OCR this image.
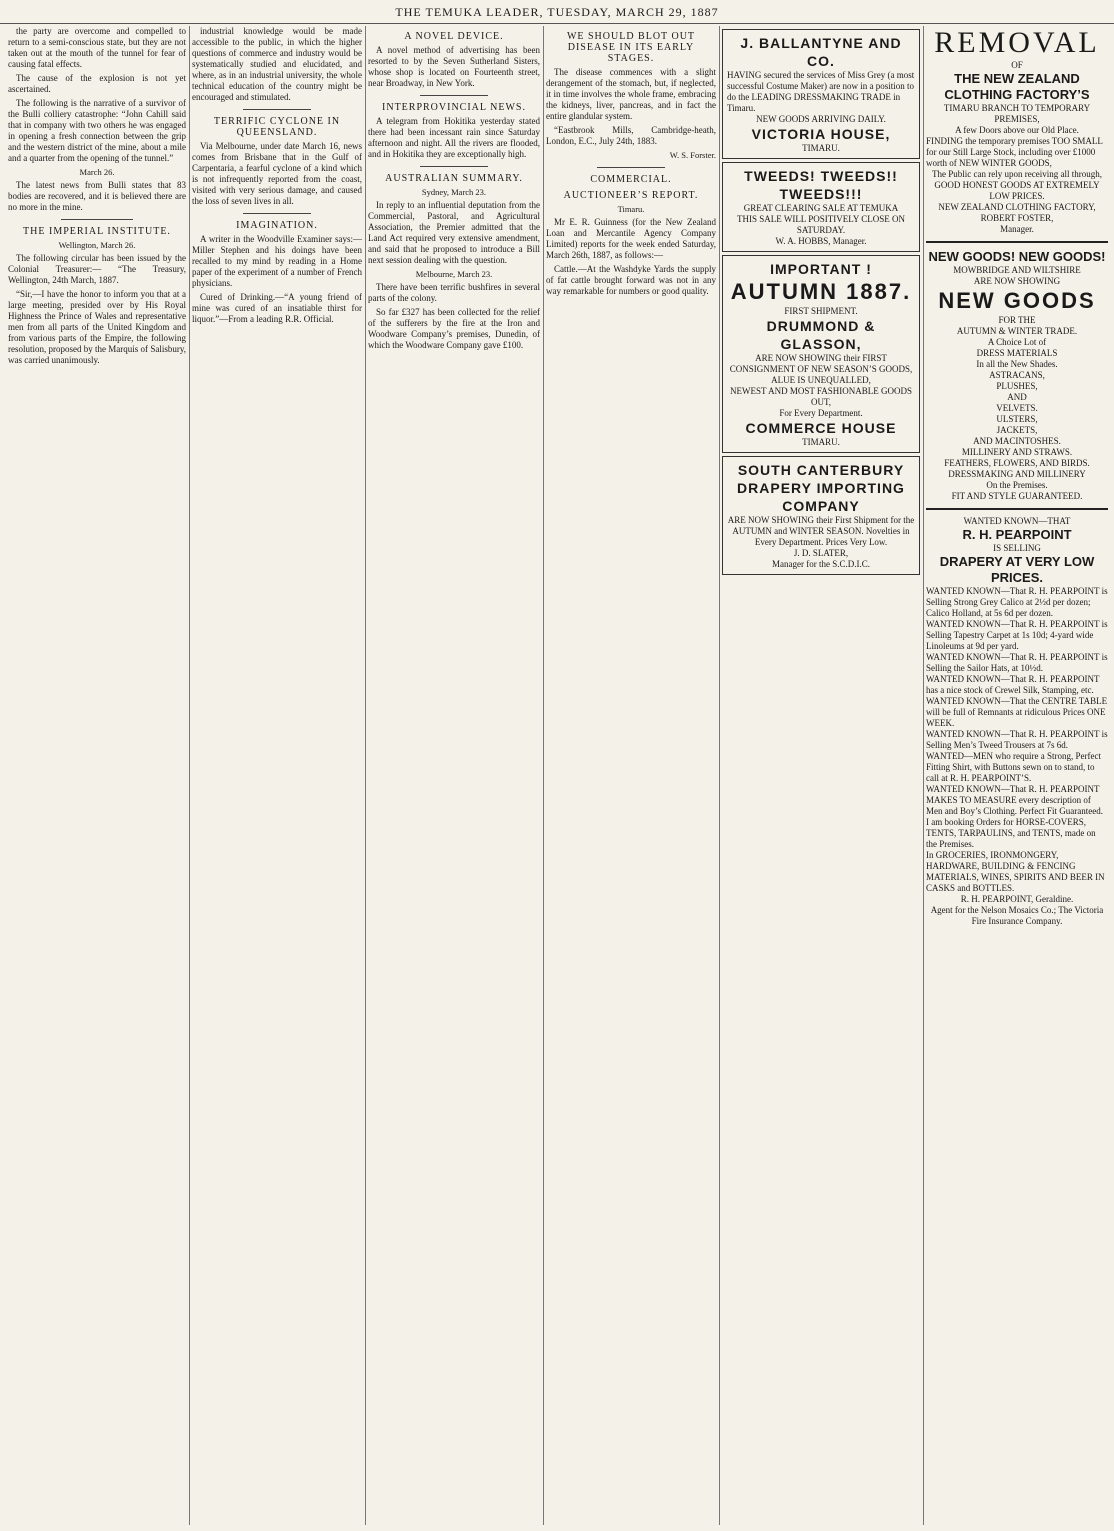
THE TEMUKA LEADER, TUESDAY, MARCH 29, 1887

the party are overcome and compelled to return to a semi-conscious state, but they are not taken out at the mouth of the tunnel for fear of causing fatal effects.

The cause of the explosion is not yet ascertained.

The following is the narrative of a survivor of the Bulli colliery catastrophe: “John Cahill said that in company with two others he was engaged in opening a fresh connection between the grip and the western district of the mine, about a mile and a quarter from the opening of the tunnel.”

March 26.

The latest news from Bulli states that 83 bodies are recovered, and it is believed there are no more in the mine.

THE IMPERIAL INSTITUTE.
Wellington, March 26.

The following circular has been issued by the Colonial Treasurer:— “The Treasury, Wellington, 24th March, 1887.

“Sir,—I have the honor to inform you that at a large meeting, presided over by His Royal Highness the Prince of Wales and representative men from all parts of the United Kingdom and from various parts of the Empire, the following resolution, proposed by the Marquis of Salisbury, was carried unanimously.

industrial knowledge would be made accessible to the public, in which the higher questions of commerce and industry would be systematically studied and elucidated, and where, as in an industrial university, the whole technical education of the country might be encouraged and stimulated.

TERRIFIC CYCLONE IN QUEENSLAND.

Via Melbourne, under date March 16, news comes from Brisbane that in the Gulf of Carpentaria, a fearful cyclone of a kind which is not infrequently reported from the coast, visited with very serious damage, and caused the loss of seven lives in all.

IMAGINATION.

A writer in the Woodville Examiner says:—Miller Stephen and his doings have been recalled to my mind by reading in a Home paper of the experiment of a number of French physicians.

Cured of Drinking.—“A young friend of mine was cured of an insatiable thirst for liquor.”—From a leading R.R. Official.

A NOVEL DEVICE.

A novel method of advertising has been resorted to by the Seven Sutherland Sisters, whose shop is located on Fourteenth street, near Broadway, in New York.

INTERPROVINCIAL NEWS.

A telegram from Hokitika yesterday stated there had been incessant rain since Saturday afternoon and night. All the rivers are flooded, and in Hokitika they are exceptionally high.

AUSTRALIAN SUMMARY.
Sydney, March 23.

In reply to an influential deputation from the Commercial, Pastoral, and Agricultural Association, the Premier admitted that the Land Act required very extensive amendment, and said that he proposed to introduce a Bill next session dealing with the question.

Melbourne, March 23.

There have been terrific bushfires in several parts of the colony.

So far £327 has been collected for the relief of the sufferers by the fire at the Iron and Woodware Company’s premises, Dunedin, of which the Woodware Company gave £100.

WE SHOULD BLOT OUT DISEASE IN ITS EARLY STAGES.

The disease commences with a slight derangement of the stomach, but, if neglected, it in time involves the whole frame, embracing the kidneys, liver, pancreas, and in fact the entire glandular system.

“Eastbrook Mills, Cambridge-heath, London, E.C., July 24th, 1883.

W. S. Forster.
COMMERCIAL.
AUCTIONEER’S REPORT.
Timaru.

Mr E. R. Guinness (for the New Zealand Loan and Mercantile Agency Company Limited) reports for the week ended Saturday, March 26th, 1887, as follows:—

Cattle.—At the Washdyke Yards the supply of fat cattle brought forward was not in any way remarkable for numbers or good quality.

J. BALLANTYNE AND CO.
HAVING secured the services of Miss Grey (a most successful Costume Maker) are now in a position to do the LEADING DRESSMAKING TRADE in Timaru.
NEW GOODS ARRIVING DAILY.
VICTORIA HOUSE,
TIMARU.
TWEEDS! TWEEDS!! TWEEDS!!!
GREAT CLEARING SALE AT TEMUKA
THIS SALE WILL POSITIVELY CLOSE ON SATURDAY.
W. A. HOBBS, Manager.
IMPORTANT !
AUTUMN 1887.
FIRST SHIPMENT.
DRUMMOND & GLASSON,
ARE NOW SHOWING their FIRST CONSIGNMENT OF NEW SEASON’S GOODS,
ALUE IS UNEQUALLED,
NEWEST AND MOST FASHIONABLE GOODS OUT,
For Every Department.
COMMERCE HOUSE
TIMARU.
SOUTH CANTERBURY DRAPERY IMPORTING COMPANY
ARE NOW SHOWING their First Shipment for the AUTUMN and WINTER SEASON. Novelties in Every Department. Prices Very Low.
J. D. SLATER,
Manager for the S.C.D.I.C.
REMOVAL
OF
THE NEW ZEALAND CLOTHING FACTORY’S
TIMARU BRANCH TO TEMPORARY PREMISES,
A few Doors above our Old Place.
FINDING the temporary premises TOO SMALL for our Still Large Stock, including over £1000 worth of NEW WINTER GOODS,
The Public can rely upon receiving all through, GOOD HONEST GOODS AT EXTREMELY LOW PRICES.
NEW ZEALAND CLOTHING FACTORY,
ROBERT FOSTER,
Manager.
NEW GOODS! NEW GOODS!
MOWBRIDGE AND WILTSHIRE
ARE NOW SHOWING
NEW GOODS
FOR THE
AUTUMN & WINTER TRADE.
A Choice Lot of
DRESS MATERIALS
In all the New Shades.
ASTRACANS,
PLUSHES,
AND
VELVETS.
ULSTERS,
JACKETS,
AND MACINTOSHES.
MILLINERY AND STRAWS.
FEATHERS, FLOWERS, AND BIRDS.
DRESSMAKING AND MILLINERY
On the Premises.
FIT AND STYLE GUARANTEED.
WANTED KNOWN—THAT
R. H. PEARPOINT
IS SELLING
DRAPERY AT VERY LOW PRICES.
WANTED KNOWN—That R. H. PEARPOINT is Selling Strong Grey Calico at 2½d per dozen; Calico Holland, at 5s 6d per dozen.
WANTED KNOWN—That R. H. PEARPOINT is Selling Tapestry Carpet at 1s 10d; 4-yard wide Linoleums at 9d per yard.
WANTED KNOWN—That R. H. PEARPOINT is Selling the Sailor Hats, at 10½d.
WANTED KNOWN—That R. H. PEARPOINT has a nice stock of Crewel Silk, Stamping, etc.
WANTED KNOWN—That the CENTRE TABLE will be full of Remnants at ridiculous Prices ONE WEEK.
WANTED KNOWN—That R. H. PEARPOINT is Selling Men’s Tweed Trousers at 7s 6d.
WANTED—MEN who require a Strong, Perfect Fitting Shirt, with Buttons sewn on to stand, to call at R. H. PEARPOINT’S.
WANTED KNOWN—That R. H. PEARPOINT MAKES TO MEASURE every description of Men and Boy’s Clothing. Perfect Fit Guaranteed.
I am booking Orders for HORSE-COVERS, TENTS, TARPAULINS, and TENTS, made on the Premises.
In GROCERIES, IRONMONGERY, HARDWARE, BUILDING & FENCING MATERIALS, WINES, SPIRITS AND BEER IN CASKS and BOTTLES.
R. H. PEARPOINT, Geraldine.
Agent for the Nelson Mosaics Co.; The Victoria Fire Insurance Company.
